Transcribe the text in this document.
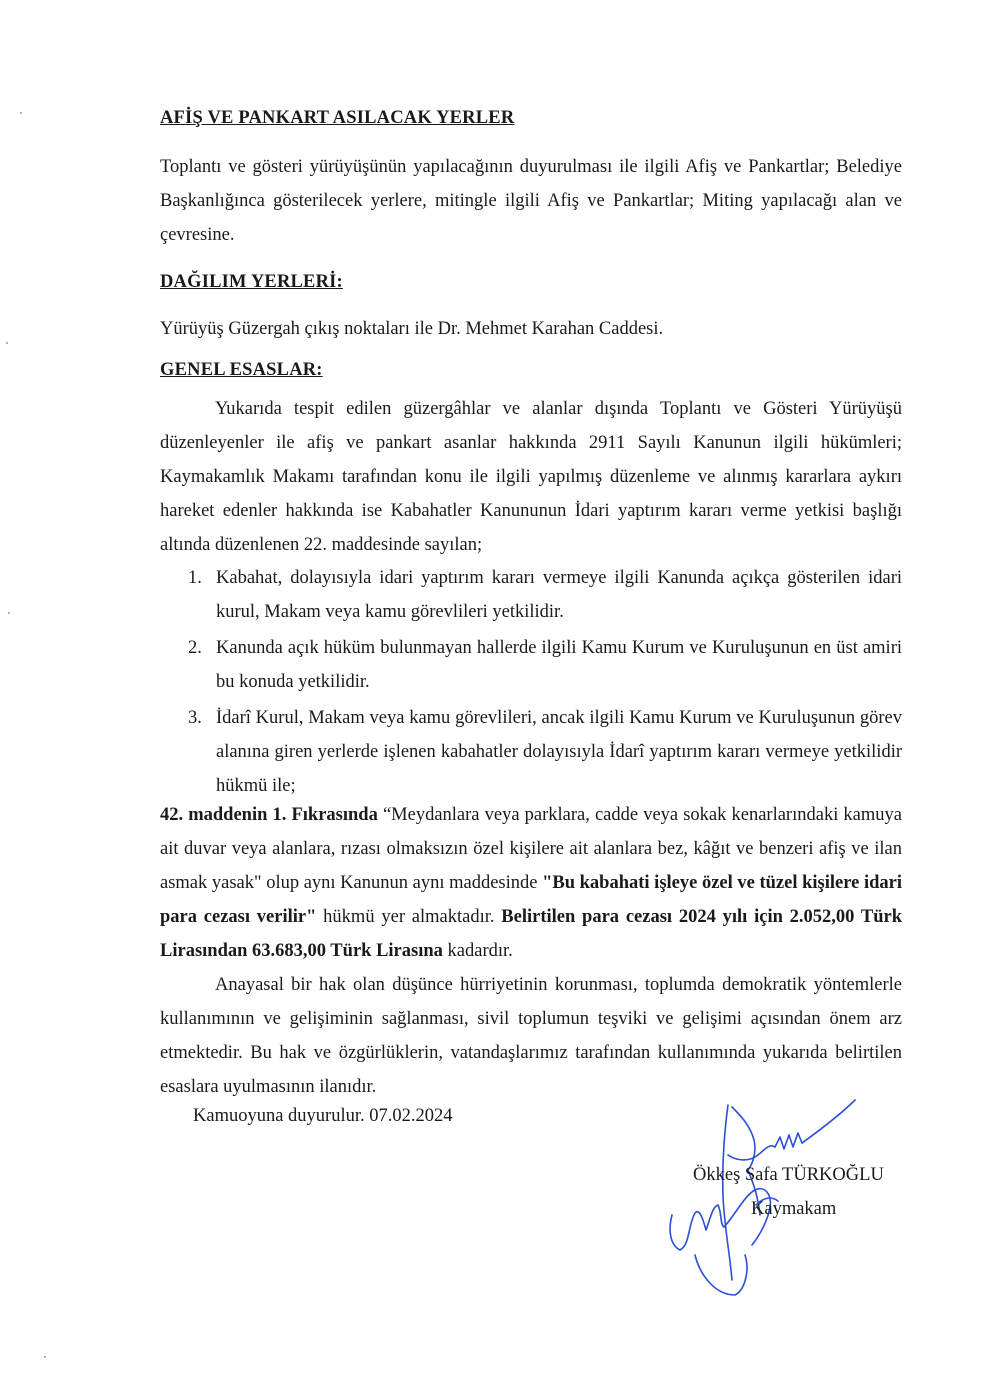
AFİŞ VE PANKART ASILACAK YERLER
Toplantı ve gösteri yürüyüşünün yapılacağının duyurulması ile ilgili Afiş ve Pankartlar; Belediye Başkanlığınca gösterilecek yerlere, mitingle ilgili Afiş ve Pankartlar; Miting yapılacağı alan ve çevresine.
DAĞILIM YERLERİ:
Yürüyüş Güzergah çıkış noktaları ile Dr. Mehmet Karahan Caddesi.
GENEL ESASLAR:
Yukarıda tespit edilen güzergâhlar ve alanlar dışında Toplantı ve Gösteri Yürüyüşü düzenleyenler ile afiş ve pankart asanlar hakkında 2911 Sayılı Kanunun ilgili hükümleri; Kaymakamlık Makamı tarafından konu ile ilgili yapılmış düzenleme ve alınmış kararlara aykırı hareket edenler hakkında ise Kabahatler Kanununun İdari yaptırım kararı verme yetkisi başlığı altında düzenlenen 22. maddesinde sayılan;
1. Kabahat, dolayısıyla idari yaptırım kararı vermeye ilgili Kanunda açıkça gösterilen idari kurul, Makam veya kamu görevlileri yetkilidir.
2. Kanunda açık hüküm bulunmayan hallerde ilgili Kamu Kurum ve Kuruluşunun en üst amiri bu konuda yetkilidir.
3. İdarî Kurul, Makam veya kamu görevlileri, ancak ilgili Kamu Kurum ve Kuruluşunun görev alanına giren yerlerde işlenen kabahatler dolayısıyla İdarî yaptırım kararı vermeye yetkilidir hükmü ile;
42. maddenin 1. Fıkrasında “Meydanlara veya parklara, cadde veya sokak kenarlarındaki kamuya ait duvar veya alanlara, rızası olmaksızın özel kişilere ait alanlara bez, kâğıt ve benzeri afiş ve ilan asmak yasak" olup aynı Kanunun aynı maddesinde "Bu kabahati işleye özel ve tüzel kişilere idari para cezası verilir" hükmü yer almaktadır. Belirtilen para cezası 2024 yılı için 2.052,00 Türk Lirasından 63.683,00 Türk Lirasına kadardır.
Anayasal bir hak olan düşünce hürriyetinin korunması, toplumda demokratik yöntemlerle kullanımının ve gelişiminin sağlanması, sivil toplumun teşviki ve gelişimi açısından önem arz etmektedir. Bu hak ve özgürlüklerin, vatandaşlarımız tarafından kullanımında yukarıda belirtilen esaslara uyulmasının ilanıdır.
Kamuoyuna duyurulur. 07.02.2024
Ökkeş Safa TÜRKOĞLU
Kaymakam
